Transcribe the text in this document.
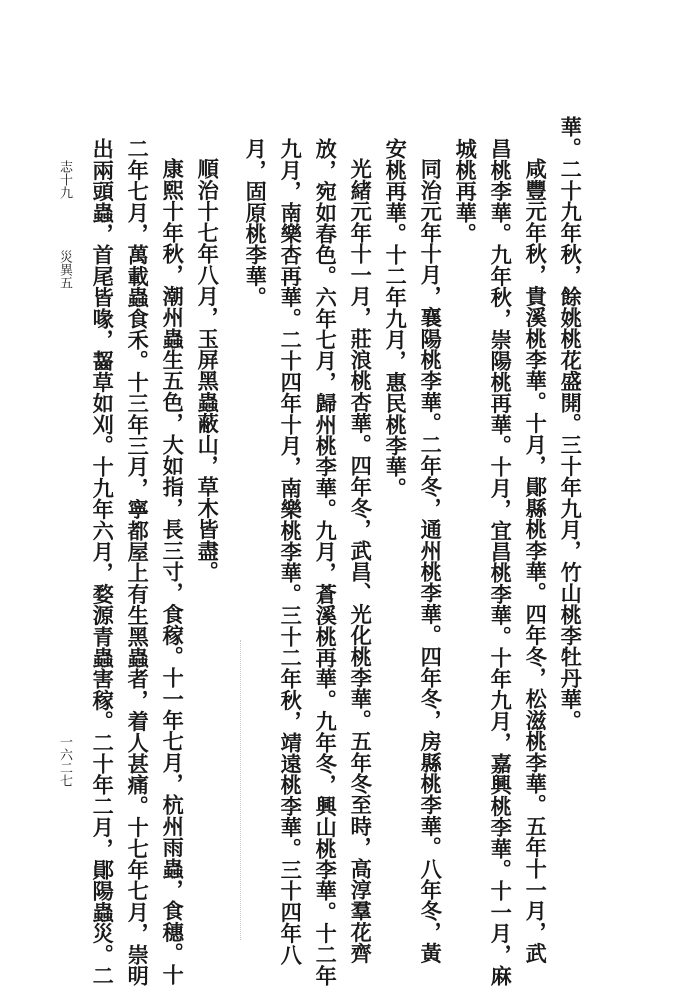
華。二十九年秋，餘姚桃花盛開。三十年九月，竹山桃李牡丹華。
咸豐元年秋，貴溪桃李華。十月，鄖縣桃李華。四年冬，松滋桃李華。五年十一月，武
昌桃李華。九年秋，崇陽桃再華。十月，宜昌桃李華。十年九月，嘉興桃李華。十一月，麻
城桃再華。
同治元年十月，襄陽桃李華。二年冬，通州桃李華。四年冬，房縣桃李華。八年冬，黃
安桃再華。十二年九月，惠民桃李華。
光緒元年十一月，莊浪桃杏華。四年冬，武昌、光化桃李華。五年冬至時，高淳羣花齊
放，宛如春色。六年七月，歸州桃李華。九月，蒼溪桃再華。九年冬，興山桃李華。十二年
九月，南樂杏再華。二十四年十月，南樂桃李華。三十二年秋，靖遠桃李華。三十四年八
月，固原桃李華。
順治十七年八月，玉屏黑蟲蔽山，草木皆盡。
康熙十年秋，潮州蟲生五色，大如指，長三寸，食稼。十一年七月，杭州雨蟲，食穗。十
二年七月，萬載蟲食禾。十三年三月，寧都屋上有生黑蟲者，着人甚痛。十七年七月，崇明
出兩頭蟲，首尾皆喙，齧草如刈。十九年六月，婺源青蟲害稼。二十年二月，鄖陽蟲災。二
志十九
災異五
一六二七
